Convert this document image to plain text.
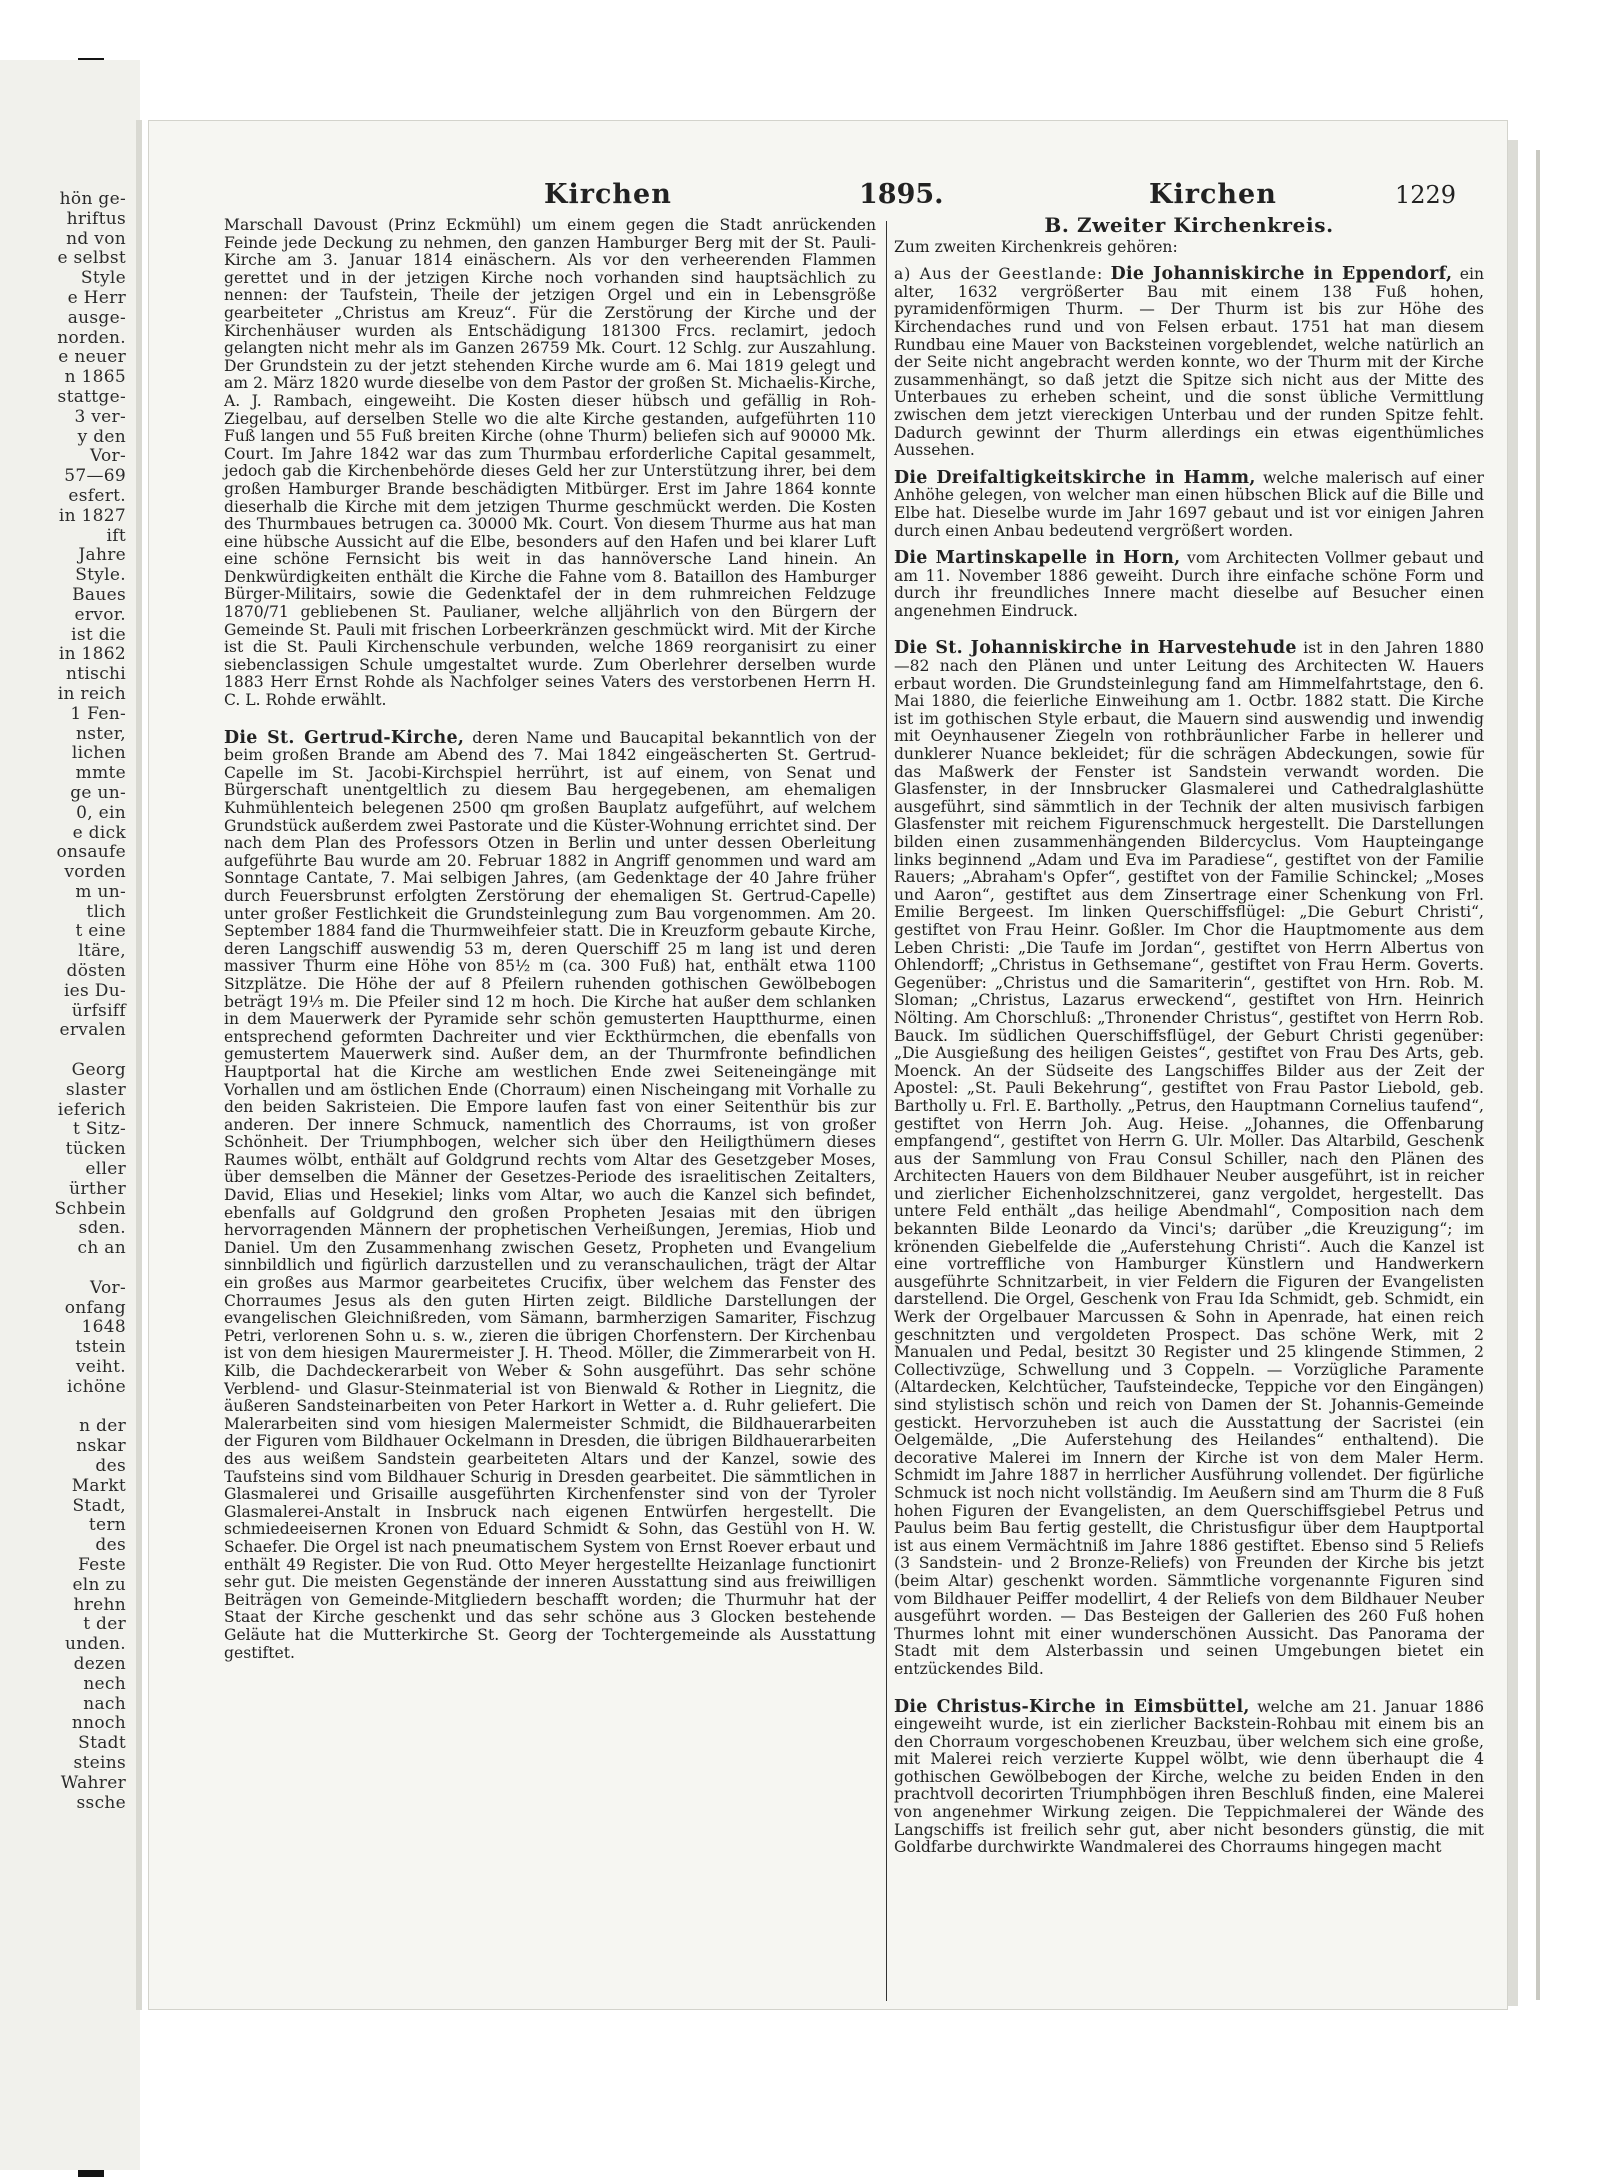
hön ge-
hriftus
nd von
e selbst
Style
e Herr
ausge-
norden.
e neuer
n 1865
stattge-
3 ver-
y den
Vor-
57—69
esfert.
in 1827
ift
Jahre
Style.
Baues
ervor.
ist die
in 1862
ntischi
in reich
1 Fen-
nster,
lichen
mmte
ge un-
0, ein
e dick
onsaufe
vorden
m un-
tlich
t eine
ltäre,
dösten
ies Du-
ürfsiff
ervalen
Georg
slaster
ieferich
t Sitz-
tücken
eller
ürther
Schbein
sden.
ch an
Vor-
onfang
1648
tstein
veiht.
ichöne
n der
nskar
des
Markt
Stadt,
tern
des
Feste
eln zu
hrehn
t der
unden.
dezen
nech
nach
nnoch
Stadt
steins
Wahrer
ssche
Kirchen	1895.	Kirchen	1229

Marschall Davoust (Prinz Eckmühl) um einem gegen die Stadt anrückenden Feinde jede Deckung zu nehmen, den ganzen Hamburger Berg mit der St. Pauli-Kirche am 3. Januar 1814 einäschern. Als vor den verheerenden Flammen gerettet und in der jetzigen Kirche noch vorhanden sind hauptsächlich zu nennen: der Taufstein, Theile der jetzigen Orgel und ein in Lebensgröße gearbeiteter „Christus am Kreuz“. Für die Zerstörung der Kirche und der Kirchenhäuser wurden als Entschädigung 181300 Frcs. reclamirt, jedoch gelangten nicht mehr als im Ganzen 26759 Mk. Court. 12 Schlg. zur Auszahlung. Der Grundstein zu der jetzt stehenden Kirche wurde am 6. Mai 1819 gelegt und am 2. März 1820 wurde dieselbe von dem Pastor der großen St. Michaelis-Kirche, A. J. Rambach, eingeweiht. Die Kosten dieser hübsch und gefällig in Roh-Ziegelbau, auf derselben Stelle wo die alte Kirche gestanden, aufgeführten 110 Fuß langen und 55 Fuß breiten Kirche (ohne Thurm) beliefen sich auf 90000 Mk. Court. Im Jahre 1842 war das zum Thurmbau erforderliche Capital gesammelt, jedoch gab die Kirchenbehörde dieses Geld her zur Unterstützung ihrer, bei dem großen Hamburger Brande beschädigten Mitbürger. Erst im Jahre 1864 konnte dieserhalb die Kirche mit dem jetzigen Thurme geschmückt werden. Die Kosten des Thurmbaues betrugen ca. 30000 Mk. Court. Von diesem Thurme aus hat man eine hübsche Aussicht auf die Elbe, besonders auf den Hafen und bei klarer Luft eine schöne Fernsicht bis weit in das hannöversche Land hinein. An Denkwürdigkeiten enthält die Kirche die Fahne vom 8. Bataillon des Hamburger Bürger-Militairs, sowie die Gedenktafel der in dem ruhmreichen Feldzuge 1870/71 gebliebenen St. Paulianer, welche alljährlich von den Bürgern der Gemeinde St. Pauli mit frischen Lorbeerkränzen geschmückt wird. Mit der Kirche ist die St. Pauli Kirchenschule verbunden, welche 1869 reorganisirt zu einer siebenclassigen Schule umgestaltet wurde. Zum Oberlehrer derselben wurde 1883 Herr Ernst Rohde als Nachfolger seines Vaters des verstorbenen Herrn H. C. L. Rohde erwählt.

Die St. Gertrud-Kirche, deren Name und Baucapital bekanntlich von der beim großen Brande am Abend des 7. Mai 1842 eingeäscherten St. Gertrud-Capelle im St. Jacobi-Kirchspiel herrührt, ist auf einem, von Senat und Bürgerschaft unentgeltlich zu diesem Bau hergegebenen, am ehemaligen Kuhmühlenteich belegenen 2500 qm großen Bauplatz aufgeführt, auf welchem Grundstück außerdem zwei Pastorate und die Küster-Wohnung errichtet sind. Der nach dem Plan des Professors Otzen in Berlin und unter dessen Oberleitung aufgeführte Bau wurde am 20. Februar 1882 in Angriff genommen und ward am Sonntage Cantate, 7. Mai selbigen Jahres, (am Gedenktage der 40 Jahre früher durch Feuersbrunst erfolgten Zerstörung der ehemaligen St. Gertrud-Capelle) unter großer Festlichkeit die Grundsteinlegung zum Bau vorgenommen. Am 20. September 1884 fand die Thurmweihfeier statt. Die in Kreuzform gebaute Kirche, deren Langschiff auswendig 53 m, deren Querschiff 25 m lang ist und deren massiver Thurm eine Höhe von 85½ m (ca. 300 Fuß) hat, enthält etwa 1100 Sitzplätze. Die Höhe der auf 8 Pfeilern ruhenden gothischen Gewölbebogen beträgt 19⅓ m. Die Pfeiler sind 12 m hoch. Die Kirche hat außer dem schlanken in dem Mauerwerk der Pyramide sehr schön gemusterten Hauptthurme, einen entsprechend geformten Dachreiter und vier Eckthürmchen, die ebenfalls von gemustertem Mauerwerk sind. Außer dem, an der Thurmfronte befindlichen Hauptportal hat die Kirche am westlichen Ende zwei Seiteneingänge mit Vorhallen und am östlichen Ende (Chorraum) einen Nischeingang mit Vorhalle zu den beiden Sakristeien. Die Empore laufen fast von einer Seitenthür bis zur anderen. Der innere Schmuck, namentlich des Chorraums, ist von großer Schönheit. Der Triumphbogen, welcher sich über den Heiligthümern dieses Raumes wölbt, enthält auf Goldgrund rechts vom Altar des Gesetzgeber Moses, über demselben die Männer der Gesetzes-Periode des israelitischen Zeitalters, David, Elias und Hesekiel; links vom Altar, wo auch die Kanzel sich befindet, ebenfalls auf Goldgrund den großen Propheten Jesaias mit den übrigen hervorragenden Männern der prophetischen Verheißungen, Jeremias, Hiob und Daniel. Um den Zusammenhang zwischen Gesetz, Propheten und Evangelium sinnbildlich und figürlich darzustellen und zu veranschaulichen, trägt der Altar ein großes aus Marmor gearbeitetes Crucifix, über welchem das Fenster des Chorraumes Jesus als den guten Hirten zeigt. Bildliche Darstellungen der evangelischen Gleichnißreden, vom Sämann, barmherzigen Samariter, Fischzug Petri, verlorenen Sohn u. s. w., zieren die übrigen Chorfenstern. Der Kirchenbau ist von dem hiesigen Maurermeister J. H. Theod. Möller, die Zimmerarbeit von H. Kilb, die Dachdeckerarbeit von Weber & Sohn ausgeführt. Das sehr schöne Verblend- und Glasur-Steinmaterial ist von Bienwald & Rother in Liegnitz, die äußeren Sandsteinarbeiten von Peter Harkort in Wetter a. d. Ruhr geliefert. Die Malerarbeiten sind vom hiesigen Malermeister Schmidt, die Bildhauerarbeiten der Figuren vom Bildhauer Ockelmann in Dresden, die übrigen Bildhauerarbeiten des aus weißem Sandstein gearbeiteten Altars und der Kanzel, sowie des Taufsteins sind vom Bildhauer Schurig in Dresden gearbeitet. Die sämmtlichen in Glasmalerei und Grisaille ausgeführten Kirchenfenster sind von der Tyroler Glasmalerei-Anstalt in Insbruck nach eigenen Entwürfen hergestellt. Die schmiedeeisernen Kronen von Eduard Schmidt & Sohn, das Gestühl von H. W. Schaefer. Die Orgel ist nach pneumatischem System von Ernst Roever erbaut und enthält 49 Register. Die von Rud. Otto Meyer hergestellte Heizanlage functionirt sehr gut. Die meisten Gegenstände der inneren Ausstattung sind aus freiwilligen Beiträgen von Gemeinde-Mitgliedern beschafft worden; die Thurmuhr hat der Staat der Kirche geschenkt und das sehr schöne aus 3 Glocken bestehende Geläute hat die Mutterkirche St. Georg der Tochtergemeinde als Ausstattung gestiftet.

B. Zweiter Kirchenkreis.

Zum zweiten Kirchenkreis gehören:

a) Aus der Geestlande: Die Johanniskirche in Eppendorf, ein alter, 1632 vergrößerter Bau mit einem 138 Fuß hohen, pyramidenförmigen Thurm. — Der Thurm ist bis zur Höhe des Kirchendaches rund und von Felsen erbaut. 1751 hat man diesem Rundbau eine Mauer von Backsteinen vorgeblendet, welche natürlich an der Seite nicht angebracht werden konnte, wo der Thurm mit der Kirche zusammenhängt, so daß jetzt die Spitze sich nicht aus der Mitte des Unterbaues zu erheben scheint, und die sonst übliche Vermittlung zwischen dem jetzt viereckigen Unterbau und der runden Spitze fehlt. Dadurch gewinnt der Thurm allerdings ein etwas eigenthümliches Aussehen.

Die Dreifaltigkeitskirche in Hamm, welche malerisch auf einer Anhöhe gelegen, von welcher man einen hübschen Blick auf die Bille und Elbe hat. Dieselbe wurde im Jahr 1697 gebaut und ist vor einigen Jahren durch einen Anbau bedeutend vergrößert worden.

Die Martinskapelle in Horn, vom Architecten Vollmer gebaut und am 11. November 1886 geweiht. Durch ihre einfache schöne Form und durch ihr freundliches Innere macht dieselbe auf Besucher einen angenehmen Eindruck.

Die St. Johanniskirche in Harvestehude ist in den Jahren 1880—82 nach den Plänen und unter Leitung des Architecten W. Hauers erbaut worden. Die Grundsteinlegung fand am Himmelfahrtstage, den 6. Mai 1880, die feierliche Einweihung am 1. Octbr. 1882 statt. Die Kirche ist im gothischen Style erbaut, die Mauern sind auswendig und inwendig mit Oeynhausener Ziegeln von rothbräunlicher Farbe in hellerer und dunklerer Nuance bekleidet; für die schrägen Abdeckungen, sowie für das Maßwerk der Fenster ist Sandstein verwandt worden. Die Glasfenster, in der Innsbrucker Glasmalerei und Cathedralglashütte ausgeführt, sind sämmtlich in der Technik der alten musivisch farbigen Glasfenster mit reichem Figurenschmuck hergestellt. Die Darstellungen bilden einen zusammenhängenden Bildercyclus. Vom Haupteingange links beginnend „Adam und Eva im Paradiese“, gestiftet von der Familie Rauers; „Abraham's Opfer“, gestiftet von der Familie Schinckel; „Moses und Aaron“, gestiftet aus dem Zinsertrage einer Schenkung von Frl. Emilie Bergeest. Im linken Querschiffsflügel: „Die Geburt Christi“, gestiftet von Frau Heinr. Goßler. Im Chor die Hauptmomente aus dem Leben Christi: „Die Taufe im Jordan“, gestiftet von Herrn Albertus von Ohlendorff; „Christus in Gethsemane“, gestiftet von Frau Herm. Goverts. Gegenüber: „Christus und die Samariterin“, gestiftet von Hrn. Rob. M. Sloman; „Christus, Lazarus erweckend“, gestiftet von Hrn. Heinrich Nölting. Am Chorschluß: „Thronender Christus“, gestiftet von Herrn Rob. Bauck. Im südlichen Querschiffsflügel, der Geburt Christi gegenüber: „Die Ausgießung des heiligen Geistes“, gestiftet von Frau Des Arts, geb. Moenck. An der Südseite des Langschiffes Bilder aus der Zeit der Apostel: „St. Pauli Bekehrung“, gestiftet von Frau Pastor Liebold, geb. Bartholly u. Frl. E. Bartholly. „Petrus, den Hauptmann Cornelius taufend“, gestiftet von Herrn Joh. Aug. Heise. „Johannes, die Offenbarung empfangend“, gestiftet von Herrn G. Ulr. Moller. Das Altarbild, Geschenk aus der Sammlung von Frau Consul Schiller, nach den Plänen des Architecten Hauers von dem Bildhauer Neuber ausgeführt, ist in reicher und zierlicher Eichenholzschnitzerei, ganz vergoldet, hergestellt. Das untere Feld enthält „das heilige Abendmahl“, Composition nach dem bekannten Bilde Leonardo da Vinci's; darüber „die Kreuzigung“; im krönenden Giebelfelde die „Auferstehung Christi“. Auch die Kanzel ist eine vortreffliche von Hamburger Künstlern und Handwerkern ausgeführte Schnitzarbeit, in vier Feldern die Figuren der Evangelisten darstellend. Die Orgel, Geschenk von Frau Ida Schmidt, geb. Schmidt, ein Werk der Orgelbauer Marcussen & Sohn in Apenrade, hat einen reich geschnitzten und vergoldeten Prospect. Das schöne Werk, mit 2 Manualen und Pedal, besitzt 30 Register und 25 klingende Stimmen, 2 Collectivzüge, Schwellung und 3 Coppeln. — Vorzügliche Paramente (Altardecken, Kelchtücher, Taufsteindecke, Teppiche vor den Eingängen) sind stylistisch schön und reich von Damen der St. Johannis-Gemeinde gestickt. Hervorzuheben ist auch die Ausstattung der Sacristei (ein Oelgemälde, „Die Auferstehung des Heilandes“ enthaltend). Die decorative Malerei im Innern der Kirche ist von dem Maler Herm. Schmidt im Jahre 1887 in herrlicher Ausführung vollendet. Der figürliche Schmuck ist noch nicht vollständig. Im Aeußern sind am Thurm die 8 Fuß hohen Figuren der Evangelisten, an dem Querschiffsgiebel Petrus und Paulus beim Bau fertig gestellt, die Christusfigur über dem Hauptportal ist aus einem Vermächtniß im Jahre 1886 gestiftet. Ebenso sind 5 Reliefs (3 Sandstein- und 2 Bronze-Reliefs) von Freunden der Kirche bis jetzt (beim Altar) geschenkt worden. Sämmtliche vorgenannte Figuren sind vom Bildhauer Peiffer modellirt, 4 der Reliefs von dem Bildhauer Neuber ausgeführt worden. — Das Besteigen der Gallerien des 260 Fuß hohen Thurmes lohnt mit einer wunderschönen Aussicht. Das Panorama der Stadt mit dem Alsterbassin und seinen Umgebungen bietet ein entzückendes Bild.

Die Christus-Kirche in Eimsbüttel, welche am 21. Januar 1886 eingeweiht wurde, ist ein zierlicher Backstein-Rohbau mit einem bis an den Chorraum vorgeschobenen Kreuzbau, über welchem sich eine große, mit Malerei reich verzierte Kuppel wölbt, wie denn überhaupt die 4 gothischen Gewölbebogen der Kirche, welche zu beiden Enden in den prachtvoll decorirten Triumphbögen ihren Beschluß finden, eine Malerei von angenehmer Wirkung zeigen. Die Teppichmalerei der Wände des Langschiffs ist freilich sehr gut, aber nicht besonders günstig, die mit Goldfarbe durchwirkte Wandmalerei des Chorraums hingegen macht
